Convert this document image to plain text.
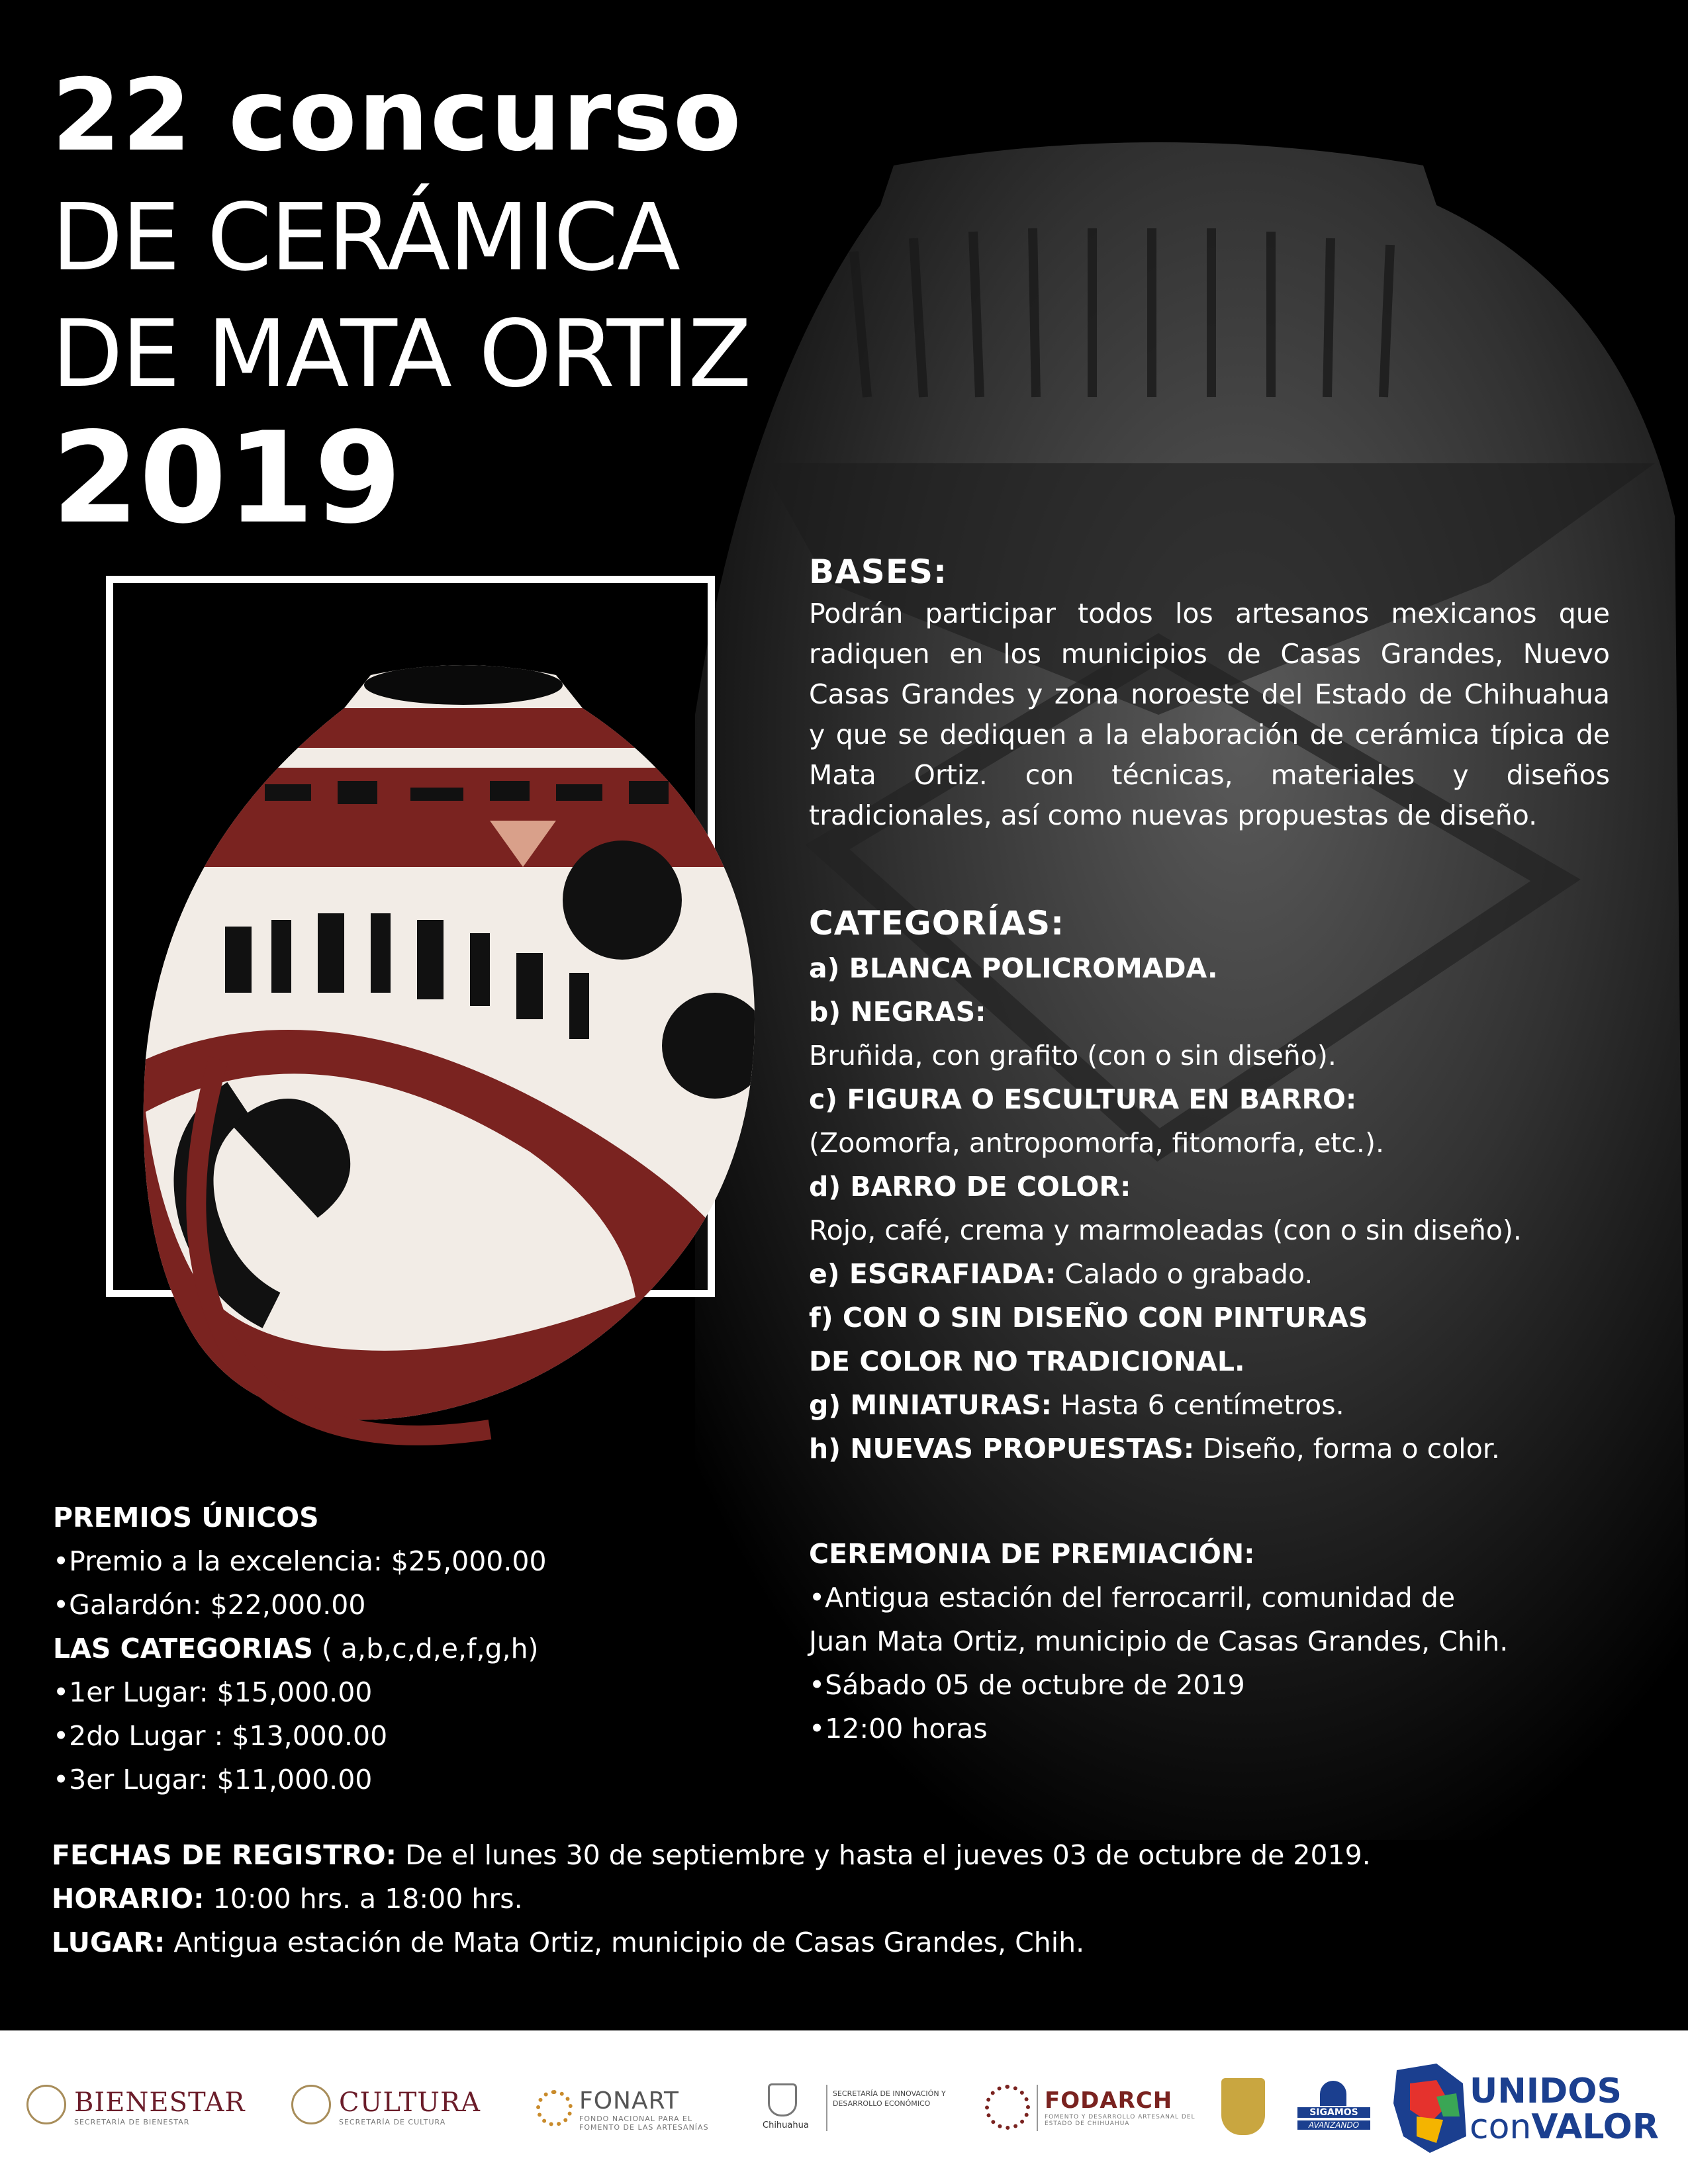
22 concurso
DE CERÁMICA
DE MATA ORTIZ
2019
BASES:
Podrán participar todos los artesanos mexicanos que radiquen en los municipios de Casas Grandes, Nuevo Casas Grandes y zona noroeste del Estado de Chihuahua y que se dediquen a la elaboración de cerámica típica de Mata Ortiz. con técnicas, materiales y diseños tradicionales, así como nuevas propuestas de diseño.
CATEGORÍAS:
a) BLANCA POLICROMADA.
b) NEGRAS:
Bruñida, con grafito (con o sin diseño).
c) FIGURA O ESCULTURA EN BARRO:
(Zoomorfa, antropomorfa, fitomorfa, etc.).
d) BARRO DE COLOR:
Rojo, café, crema y marmoleadas (con o sin diseño).
e) ESGRAFIADA: Calado o grabado.
f) CON O SIN DISEÑO CON PINTURAS
DE COLOR NO TRADICIONAL.
g) MINIATURAS: Hasta 6 centímetros.
h) NUEVAS PROPUESTAS: Diseño, forma o color.
CEREMONIA DE PREMIACIÓN:
•Antigua estación del ferrocarril, comunidad de
Juan Mata Ortiz, municipio de Casas Grandes, Chih.
•Sábado 05 de octubre de 2019
•12:00 horas
PREMIOS ÚNICOS
•Premio a la excelencia: $25,000.00
•Galardón: $22,000.00
LAS CATEGORIAS ( a,b,c,d,e,f,g,h)
•1er Lugar: $15,000.00
•2do Lugar : $13,000.00
•3er Lugar: $11,000.00
FECHAS DE REGISTRO: De el lunes 30 de septiembre y hasta el jueves 03 de octubre de 2019.
HORARIO: 10:00 hrs. a 18:00 hrs.
LUGAR: Antigua estación de Mata Ortiz, municipio de Casas Grandes, Chih.
BIENESTAR
SECRETARÍA DE BIENESTAR
CULTURA
SECRETARÍA DE CULTURA
FONART
FONDO NACIONAL PARA EL FOMENTO DE LAS ARTESANÍAS	Chihuahua
SECRETARÍA DE INNOVACIÓN Y DESARROLLO ECONÓMICO	FODARCH
FOMENTO Y DESARROLLO ARTESANAL DEL ESTADO DE CHIHUAHUA
SIGAMOS
AVANZANDO
UNIDOS
conVALOR
